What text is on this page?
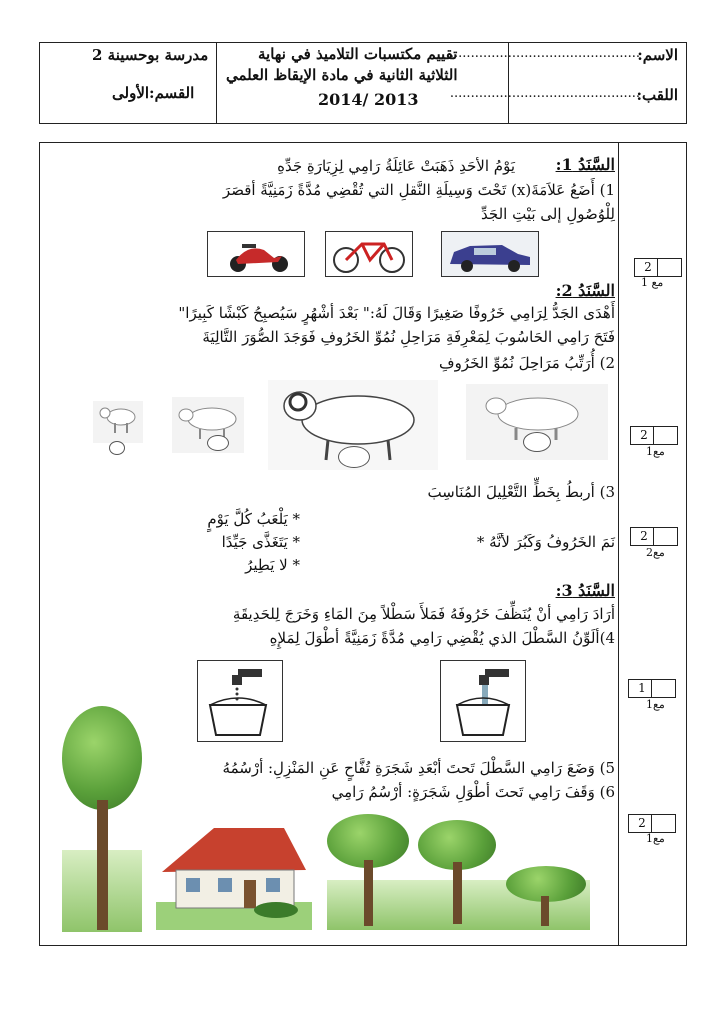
الاسم:
..............................................
اللقب:
..............................................
تقييم مكتسبات التلاميذ في نهاية
الثلاثية الثانية في مادة الإيقاظ العلمي
2014/ 2013
مدرسة بوحسينة 2
القسم:الأولى
السَّنَدُ 1:
يَوْمُ الأحَدِ ذَهَبَتْ عَائِلَةُ رَامِي لِزِيَارَةِ جَدِّهِ
1) أَضَعُ عَلاَمَةَ(x) تَحْتَ وَسِيلَةِ النَّقلِ التي تُقْضِي مُدَّةً زَمَنِيَّةً أقصَرَ
لِلْوُصُولِ إلى بَيْتِ الجَدِّ
السَّنَدُ 2:
أَهْدَى الجَدُّ لِرَامِي خَرُوفًا صَغِيرًا وَقَالَ لَهُ:" بَعْدَ أشْهُرٍ سَيُصبِحُ كَبْشًا كَبِيرًا"
فَتَحَ رَامِي الحَاسُوبَ لِمَعْرِفَةِ مَرَاحِلِ نُمُوِّ الخَرُوفِ فَوَجَدَ الصُّوَرَ التَّالِيَةَ
2) أُرَتِّبُ مَرَاحِلَ نُمُوِّ الخَرُوفِ
3) أربطُ بِخَطٍّ التَّعْلِيلَ المُنَاسِبَ
نَمَ الخَرُوفُ وَكَبُرَ لأنَّهُ *
* يَلْعَبُ كُلَّ يَوْمٍ
* يَتَغَذَّى جَيِّدًا
* لا يَطِيرُ
السَّنَدُ 3:
أرَادَ رَامِي أنْ يُنَظِّفَ خَرُوفَهُ فَمَلأَ سَطْلاً مِنَ المَاءِ وَخَرَجَ لِلحَدِيقَةِ
4)ألَوِّنُ السَّطْلَ الذي يُقْضِي رَامِي مُدَّةً زَمَنِيَّةً أطْوَلَ لِمَلإِهِ
5) وَضَعَ رَامِي السَّطْلَ تَحتَ أبْعَدِ شَجَرَةِ تُفَّاحٍ عَنِ المَنْزِلِ: أرْسُمُهُ
6) وَقَفَ رَامِي تَحتَ أطْوَلِ شَجَرَةٍ: أرْسُمُ رَامِي
2
مع 1
2
مع1
2
مع2
1
مع1
2
مع1
